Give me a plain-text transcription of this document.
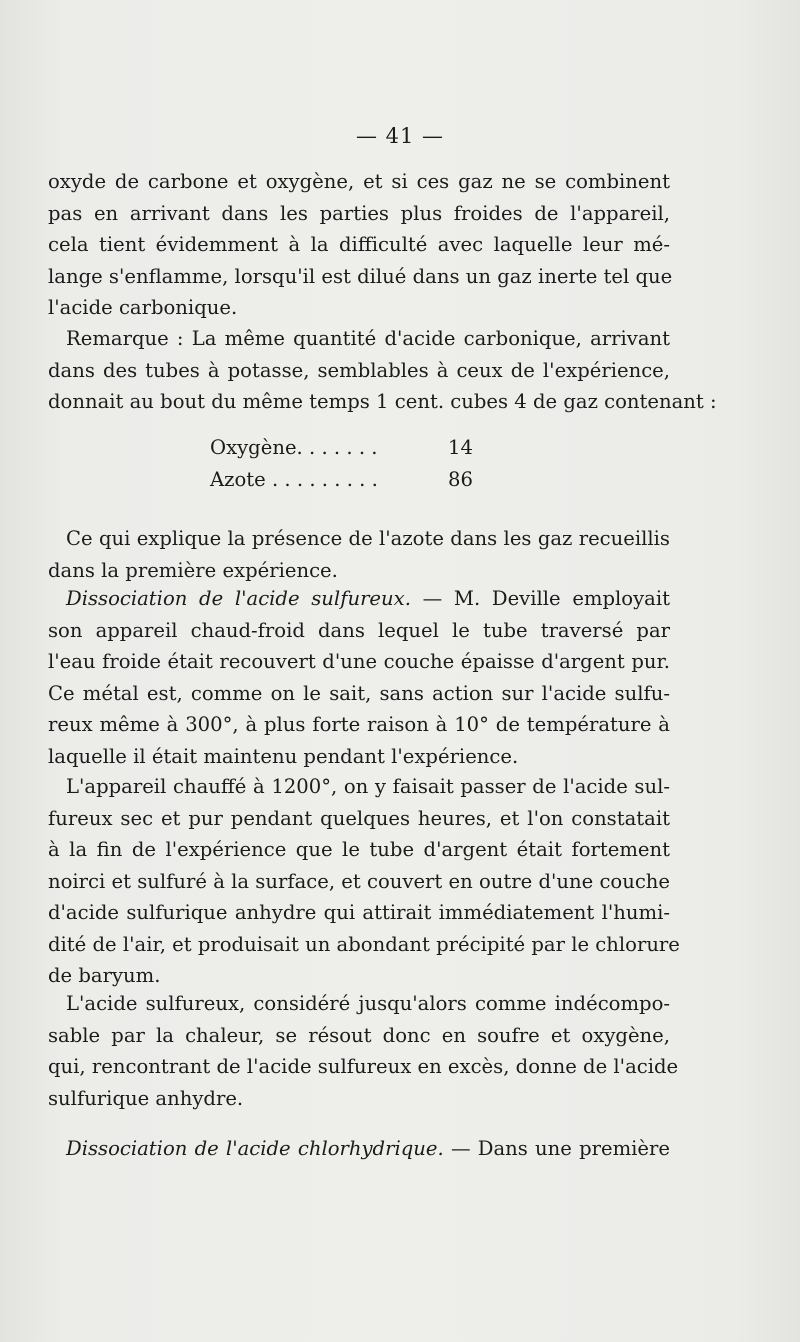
— 41 —
oxyde de carbone et oxygène, et si ces gaz ne se combinent
pas en arrivant dans les parties plus froides de l'appareil,
cela tient évidemment à la difficulté avec laquelle leur mé-
lange s'enflamme, lorsqu'il est dilué dans un gaz inerte tel que
l'acide carbonique.
Remarque : La même quantité d'acide carbonique, arrivant
dans des tubes à potasse, semblables à ceux de l'expérience,
donnait au bout du même temps 1 cent. cubes 4 de gaz contenant :
Oxygène. . . . . . .	14
Azote . . . . . . . . .	86
Ce qui explique la présence de l'azote dans les gaz recueillis
dans la première expérience.
Dissociation de l'acide sulfureux. — M. Deville employait
son appareil chaud-froid dans lequel le tube traversé par
l'eau froide était recouvert d'une couche épaisse d'argent pur.
Ce métal est, comme on le sait, sans action sur l'acide sulfu-
reux même à 300°, à plus forte raison à 10° de température à
laquelle il était maintenu pendant l'expérience.
L'appareil chauffé à 1200°, on y faisait passer de l'acide sul-
fureux sec et pur pendant quelques heures, et l'on constatait
à la fin de l'expérience que le tube d'argent était fortement
noirci et sulfuré à la surface, et couvert en outre d'une couche
d'acide sulfurique anhydre qui attirait immédiatement l'humi-
dité de l'air, et produisait un abondant précipité par le chlorure
de baryum.
L'acide sulfureux, considéré jusqu'alors comme indécompo-
sable par la chaleur, se résout donc en soufre et oxygène,
qui, rencontrant de l'acide sulfureux en excès, donne de l'acide
sulfurique anhydre.
Dissociation de l'acide chlorhydrique. — Dans une première
